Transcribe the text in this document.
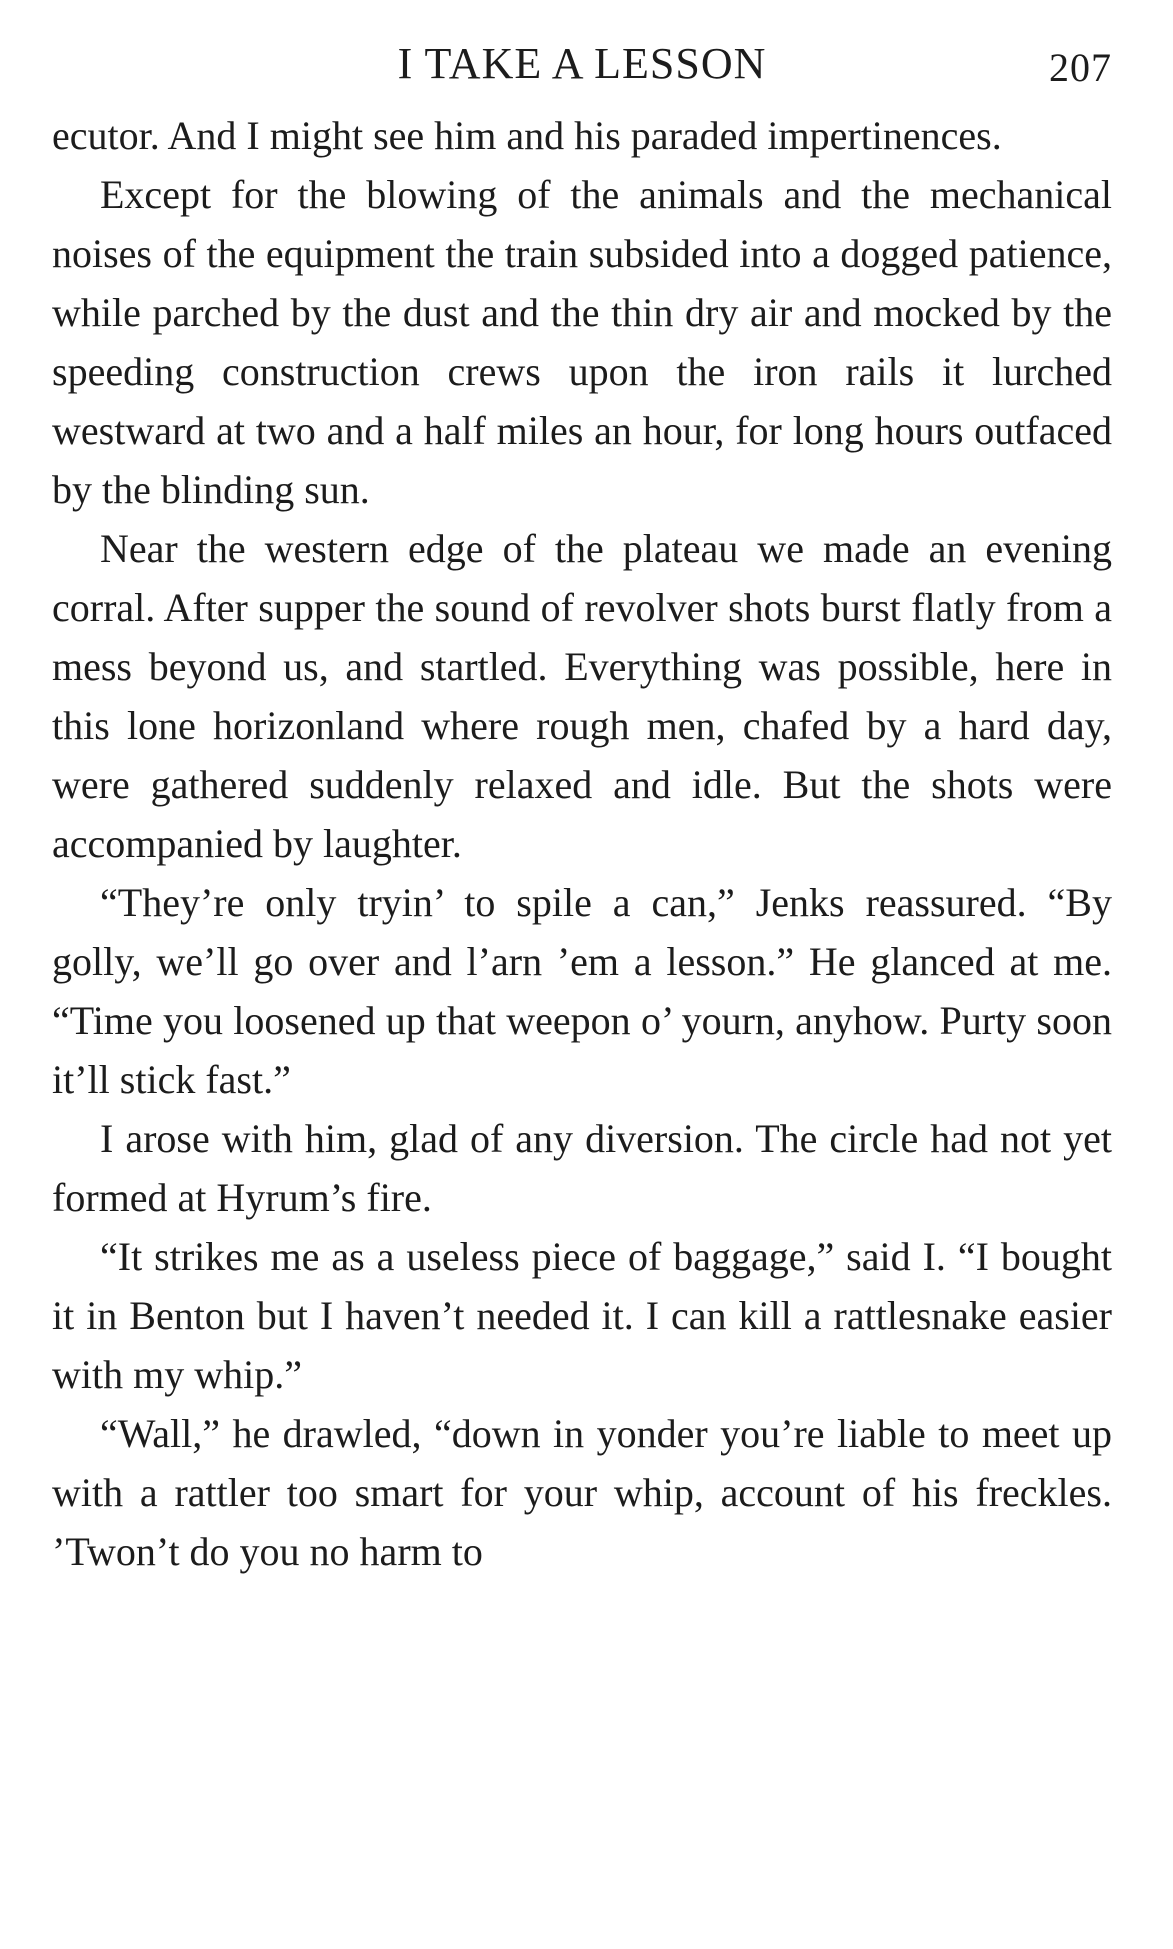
I TAKE A LESSON	207

ecutor. And I might see him and his paraded impertinences.

Except for the blowing of the animals and the mechanical noises of the equipment the train subsided into a dogged patience, while parched by the dust and the thin dry air and mocked by the speeding construction crews upon the iron rails it lurched westward at two and a half miles an hour, for long hours outfaced by the blinding sun.

Near the western edge of the plateau we made an evening corral. After supper the sound of revolver shots burst flatly from a mess beyond us, and startled. Everything was possible, here in this lone horizonland where rough men, chafed by a hard day, were gathered suddenly relaxed and idle. But the shots were accompanied by laughter.

“They’re only tryin’ to spile a can,” Jenks reassured. “By golly, we’ll go over and l’arn ’em a lesson.” He glanced at me. “Time you loosened up that weepon o’ yourn, anyhow. Purty soon it’ll stick fast.”

I arose with him, glad of any diversion. The circle had not yet formed at Hyrum’s fire.

“It strikes me as a useless piece of baggage,” said I. “I bought it in Benton but I haven’t needed it. I can kill a rattlesnake easier with my whip.”

“Wall,” he drawled, “down in yonder you’re liable to meet up with a rattler too smart for your whip, account of his freckles. ’Twon’t do you no harm to
